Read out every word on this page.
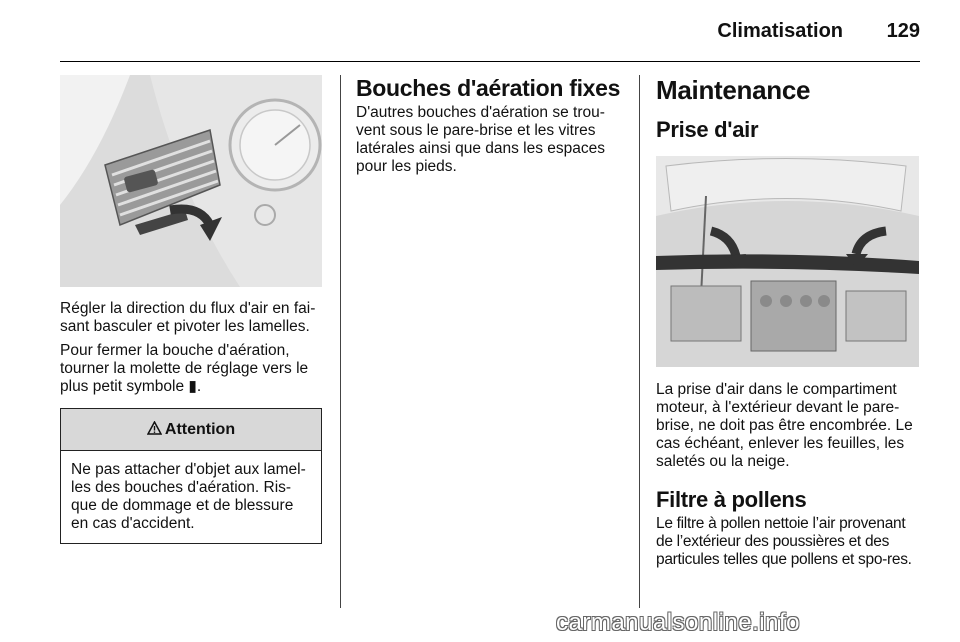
Climatisation 129

Régler la direction du flux d'air en fai-sant basculer et pivoter les lamelles.

Pour fermer la bouche d'aération, tourner la molette de réglage vers le plus petit symbole ▮.

Attention
Ne pas attacher d'objet aux lamel-les des bouches d'aération. Ris-que de dommage et de blessure en cas d'accident.
Bouches d'aération fixes

D'autres bouches d'aération se trou-vent sous le pare-brise et les vitres latérales ainsi que dans les espaces pour les pieds.

Maintenance
Prise d'air

La prise d'air dans le compartiment moteur, à l'extérieur devant le pare-brise, ne doit pas être encombrée. Le cas échéant, enlever les feuilles, les saletés ou la neige.

Filtre à pollens

Le filtre à pollen nettoie l’air provenant de l’extérieur des poussières et des particules telles que pollens et spo-res.

carmanualsonline.info
